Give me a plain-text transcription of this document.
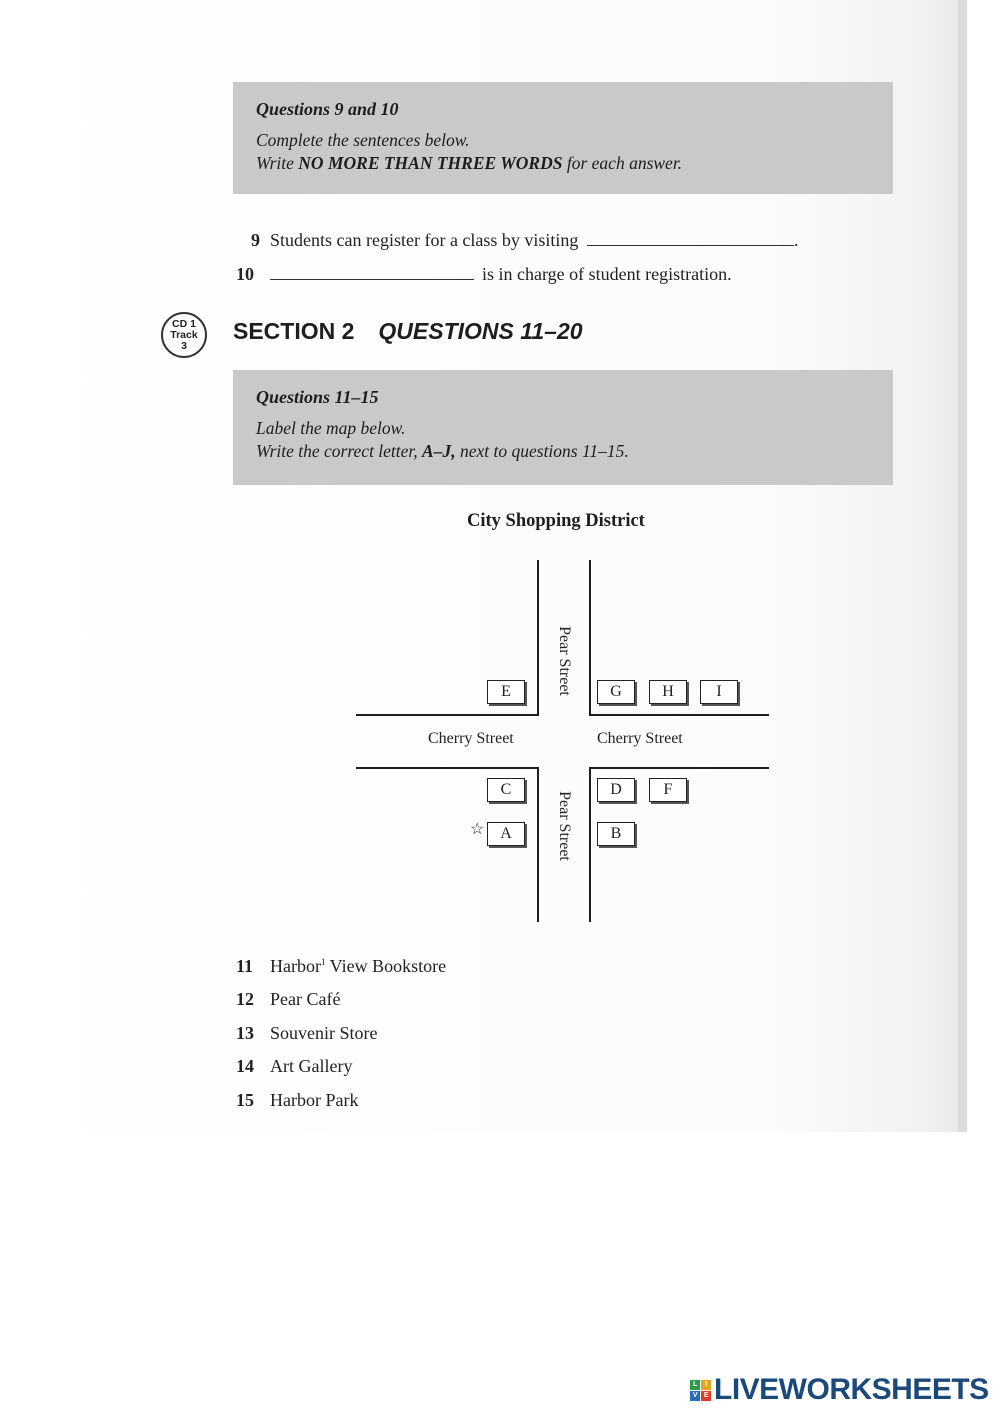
Questions 9 and 10
Complete the sentences below.
Write NO MORE THAN THREE WORDS for each answer.
9 Students can register for a class by visiting	.
10	is in charge of student registration.
CD 1
Track
3
SECTION 2 QUESTIONS 11–20
Questions 11–15
Label the map below.
Write the correct letter, A–J, next to questions 11–15.
City Shopping District
Pear Street
Pear Street
Cherry Street	Cherry Street
E	G	H	I
C	D	F
A	B
☆
11 Harbor$^1$ View Bookstore
12 Pear Café
13 Souvenir Store
14 Art Gallery
15 Harbor Park
L	I
V E LIVEWORKSHEETS
